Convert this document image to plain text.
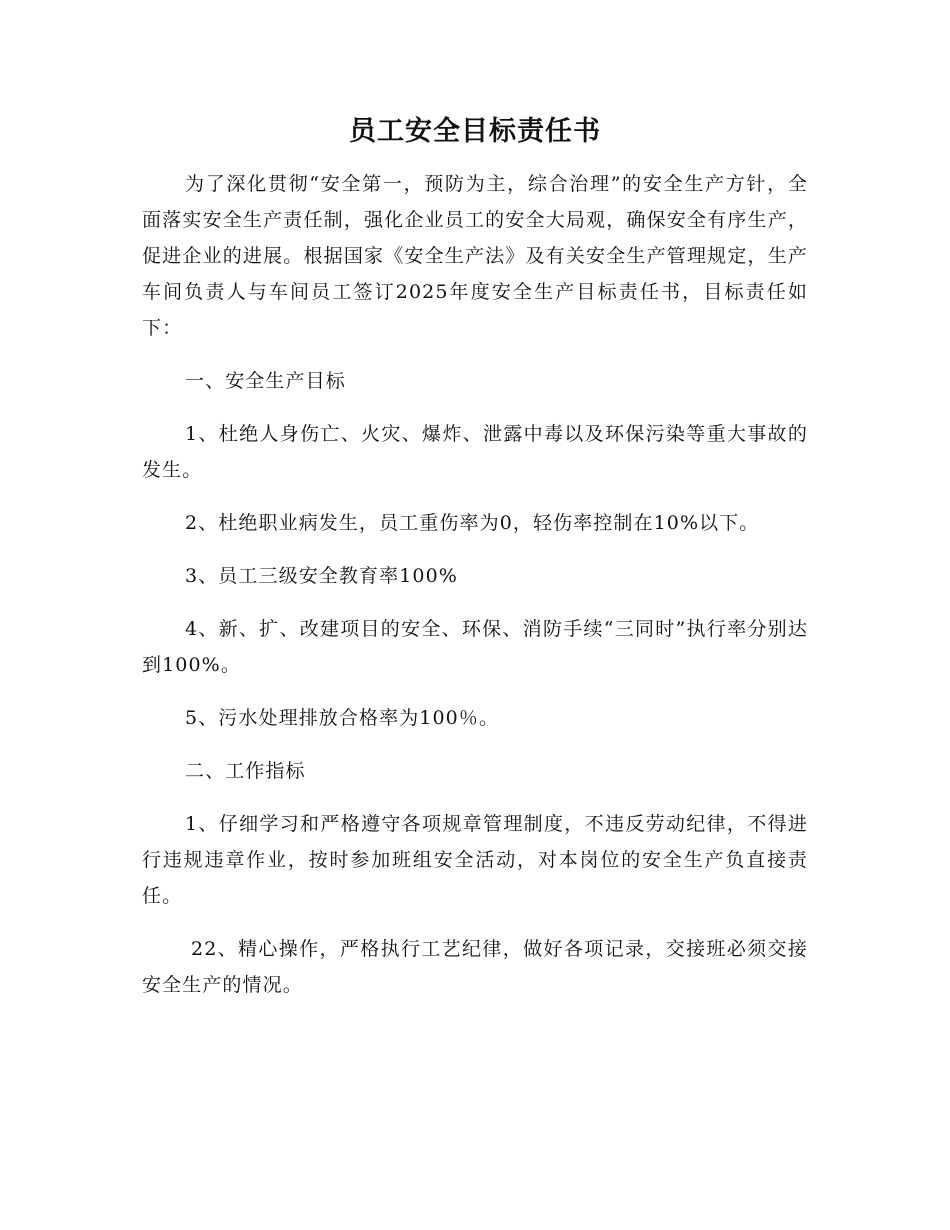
员工安全目标责任书

为了深化贯彻“安全第一，预防为主，综合治理”的安全生产方针，全面落实安全生产责任制，强化企业员工的安全大局观，确保安全有序生产，促进企业的进展。根据国家《安全生产法》及有关安全生产管理规定，生产车间负责人与车间员工签订2025年度安全生产目标责任书，目标责任如下：

一、安全生产目标

1、杜绝人身伤亡、火灾、爆炸、泄露中毒以及环保污染等重大事故的发生。

2、杜绝职业病发生，员工重伤率为0，轻伤率控制在10%以下。

3、员工三级安全教育率100%

4、新、扩、改建项目的安全、环保、消防手续“三同时”执行率分别达到100%。

5、污水处理排放合格率为100％。

二、工作指标

1、仔细学习和严格遵守各项规章管理制度，不违反劳动纪律，不得进行违规违章作业，按时参加班组安全活动，对本岗位的安全生产负直接责任。

22、精心操作，严格执行工艺纪律，做好各项记录，交接班必须交接安全生产的情况。
